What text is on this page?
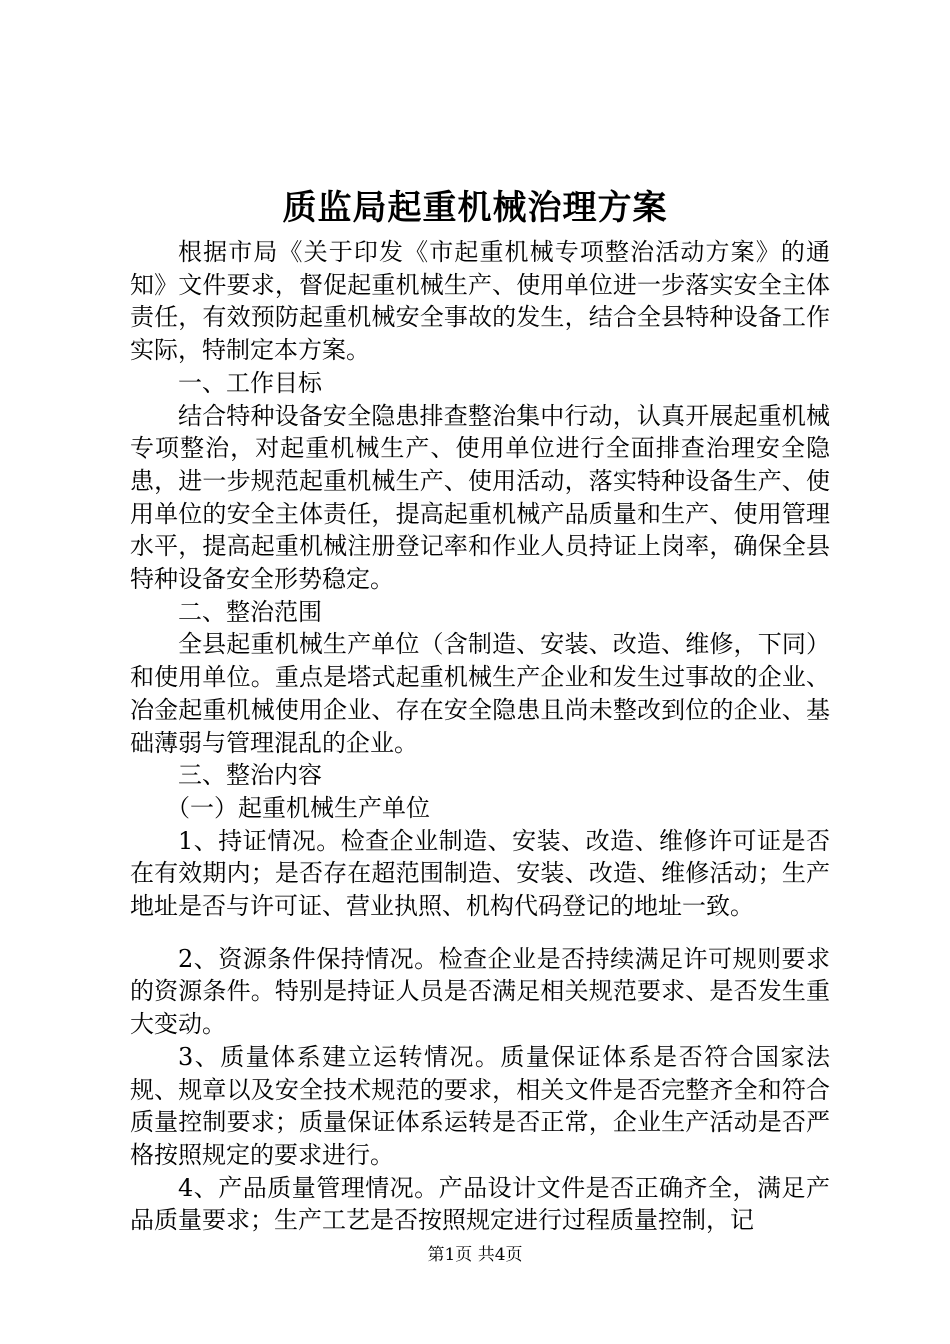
质监局起重机械治理方案

根据市局《关于印发《市起重机械专项整治活动方案》的通知》文件要求，督促起重机械生产、使用单位进一步落实安全主体责任，有效预防起重机械安全事故的发生，结合全县特种设备工作实际，特制定本方案。

一、工作目标

结合特种设备安全隐患排查整治集中行动，认真开展起重机械专项整治，对起重机械生产、使用单位进行全面排查治理安全隐患，进一步规范起重机械生产、使用活动，落实特种设备生产、使用单位的安全主体责任，提高起重机械产品质量和生产、使用管理水平，提高起重机械注册登记率和作业人员持证上岗率，确保全县特种设备安全形势稳定。

二、整治范围

全县起重机械生产单位（含制造、安装、改造、维修，下同）和使用单位。重点是塔式起重机械生产企业和发生过事故的企业、冶金起重机械使用企业、存在安全隐患且尚未整改到位的企业、基础薄弱与管理混乱的企业。

三、整治内容

（一）起重机械生产单位

1、持证情况。检查企业制造、安装、改造、维修许可证是否在有效期内；是否存在超范围制造、安装、改造、维修活动；生产地址是否与许可证、营业执照、机构代码登记的地址一致。

2、资源条件保持情况。检查企业是否持续满足许可规则要求的资源条件。特别是持证人员是否满足相关规范要求、是否发生重大变动。

3、质量体系建立运转情况。质量保证体系是否符合国家法规、规章以及安全技术规范的要求，相关文件是否完整齐全和符合质量控制要求；质量保证体系运转是否正常，企业生产活动是否严格按照规定的要求进行。

4、产品质量管理情况。产品设计文件是否正确齐全，满足产品质量要求；生产工艺是否按照规定进行过程质量控制，记

第1页 共4页
